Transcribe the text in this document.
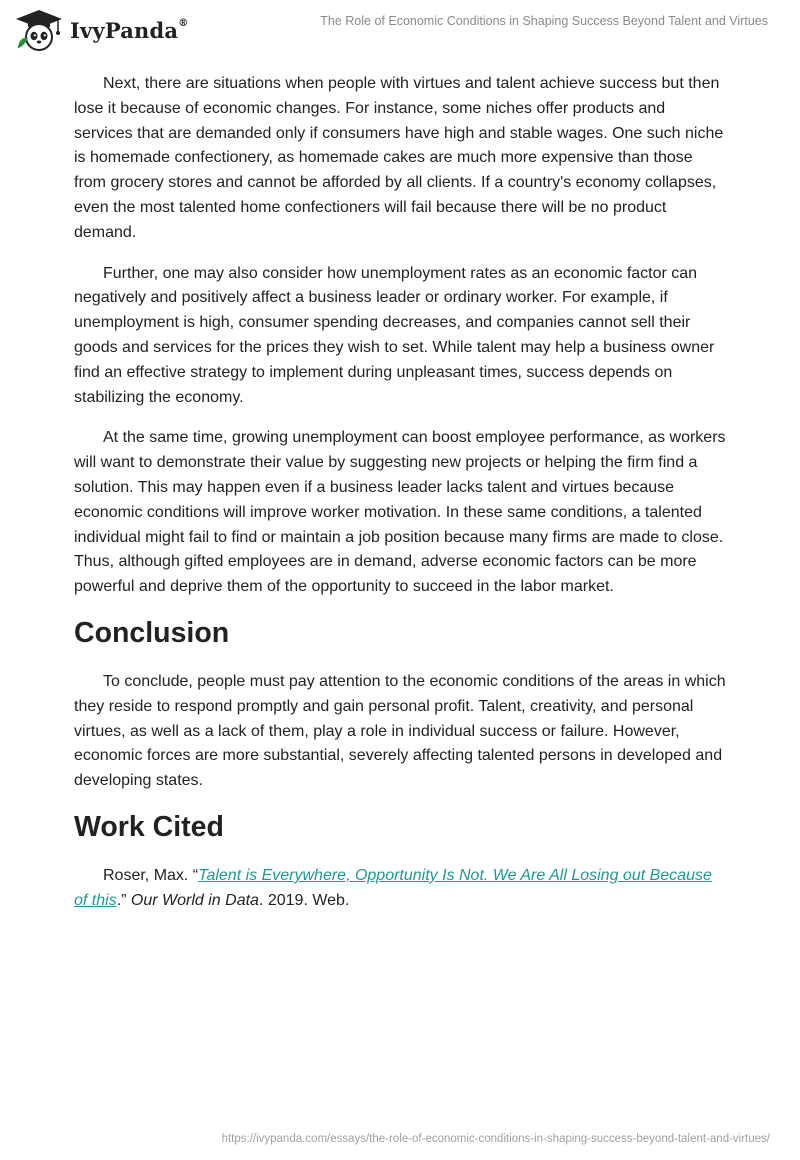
IvyPanda®	The Role of Economic Conditions in Shaping Success Beyond Talent and Virtues

Next, there are situations when people with virtues and talent achieve success but then lose it because of economic changes. For instance, some niches offer products and services that are demanded only if consumers have high and stable wages. One such niche is homemade confectionery, as homemade cakes are much more expensive than those from grocery stores and cannot be afforded by all clients. If a country's economy collapses, even the most talented home confectioners will fail because there will be no product demand.

Further, one may also consider how unemployment rates as an economic factor can negatively and positively affect a business leader or ordinary worker. For example, if unemployment is high, consumer spending decreases, and companies cannot sell their goods and services for the prices they wish to set. While talent may help a business owner find an effective strategy to implement during unpleasant times, success depends on stabilizing the economy.

At the same time, growing unemployment can boost employee performance, as workers will want to demonstrate their value by suggesting new projects or helping the firm find a solution. This may happen even if a business leader lacks talent and virtues because economic conditions will improve worker motivation. In these same conditions, a talented individual might fail to find or maintain a job position because many firms are made to close. Thus, although gifted employees are in demand, adverse economic factors can be more powerful and deprive them of the opportunity to succeed in the labor market.

Conclusion

To conclude, people must pay attention to the economic conditions of the areas in which they reside to respond promptly and gain personal profit. Talent, creativity, and personal virtues, as well as a lack of them, play a role in individual success or failure. However, economic forces are more substantial, severely affecting talented persons in developed and developing states.

Work Cited

Roser, Max. “Talent is Everywhere, Opportunity Is Not. We Are All Losing out Because of this.” Our World in Data. 2019. Web.

https://ivypanda.com/essays/the-role-of-economic-conditions-in-shaping-success-beyond-talent-and-virtues/
